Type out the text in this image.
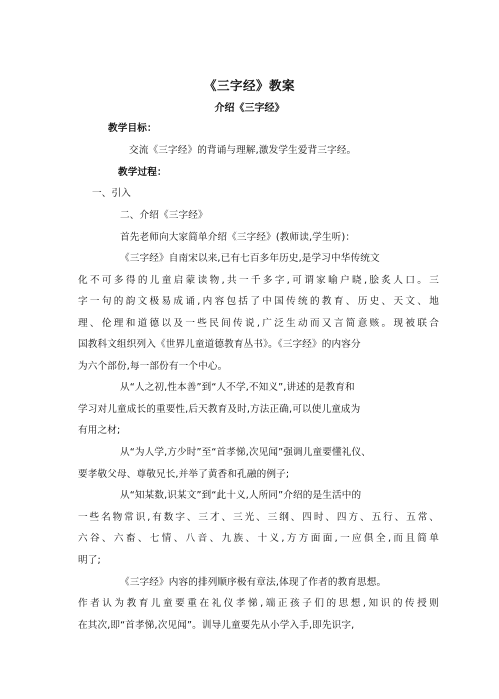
《三字经》教案
介绍《三字经》
教学目标：
交流《三字经》的背诵与理解,激发学生爱背三字经。
教学过程：
一、引入
二、介绍《三字经》
首先老师向大家简单介绍《三字经》(教师读,学生听)：
《三字经》自南宋以来,已有七百多年历史,是学习中华传统文
化不可多得的儿童启蒙读物,共一千多字,可谓家喻户晓,脍炙人口。三
字一句的韵文极易成诵,内容包括了中国传统的教育、历史、天文、地
理、伦理和道德以及一些民间传说,广泛生动而又言简意赅。现被联合
国教科文组织列入《世界儿童道德教育丛书》。《三字经》的内容分
为六个部份,每一部份有一个中心。
从“人之初,性本善”到“人不学,不知义”,讲述的是教育和
学习对儿童成长的重要性,后天教育及时,方法正确,可以使儿童成为
有用之材;
从“为人学,方少时”至“首孝悌,次见闻”强调儿童要懂礼仪、
要孝敬父母、尊敬兄长,并举了黄香和孔融的例子;
从“知某数,识某文”到“此十义,人所同”介绍的是生活中的
一些名物常识,有数字、三才、三光、三纲、四时、四方、五行、五常、
六谷、六畜、七情、八音、九族、十义,方方面面,一应俱全,而且简单
明了;
《三字经》内容的排列顺序极有章法,体现了作者的教育思想。
作者认为教育儿童要重在礼仪孝悌,端正孩子们的思想,知识的传授则
在其次,即“首孝悌,次见闻”。训导儿童要先从小学入手,即先识字,
